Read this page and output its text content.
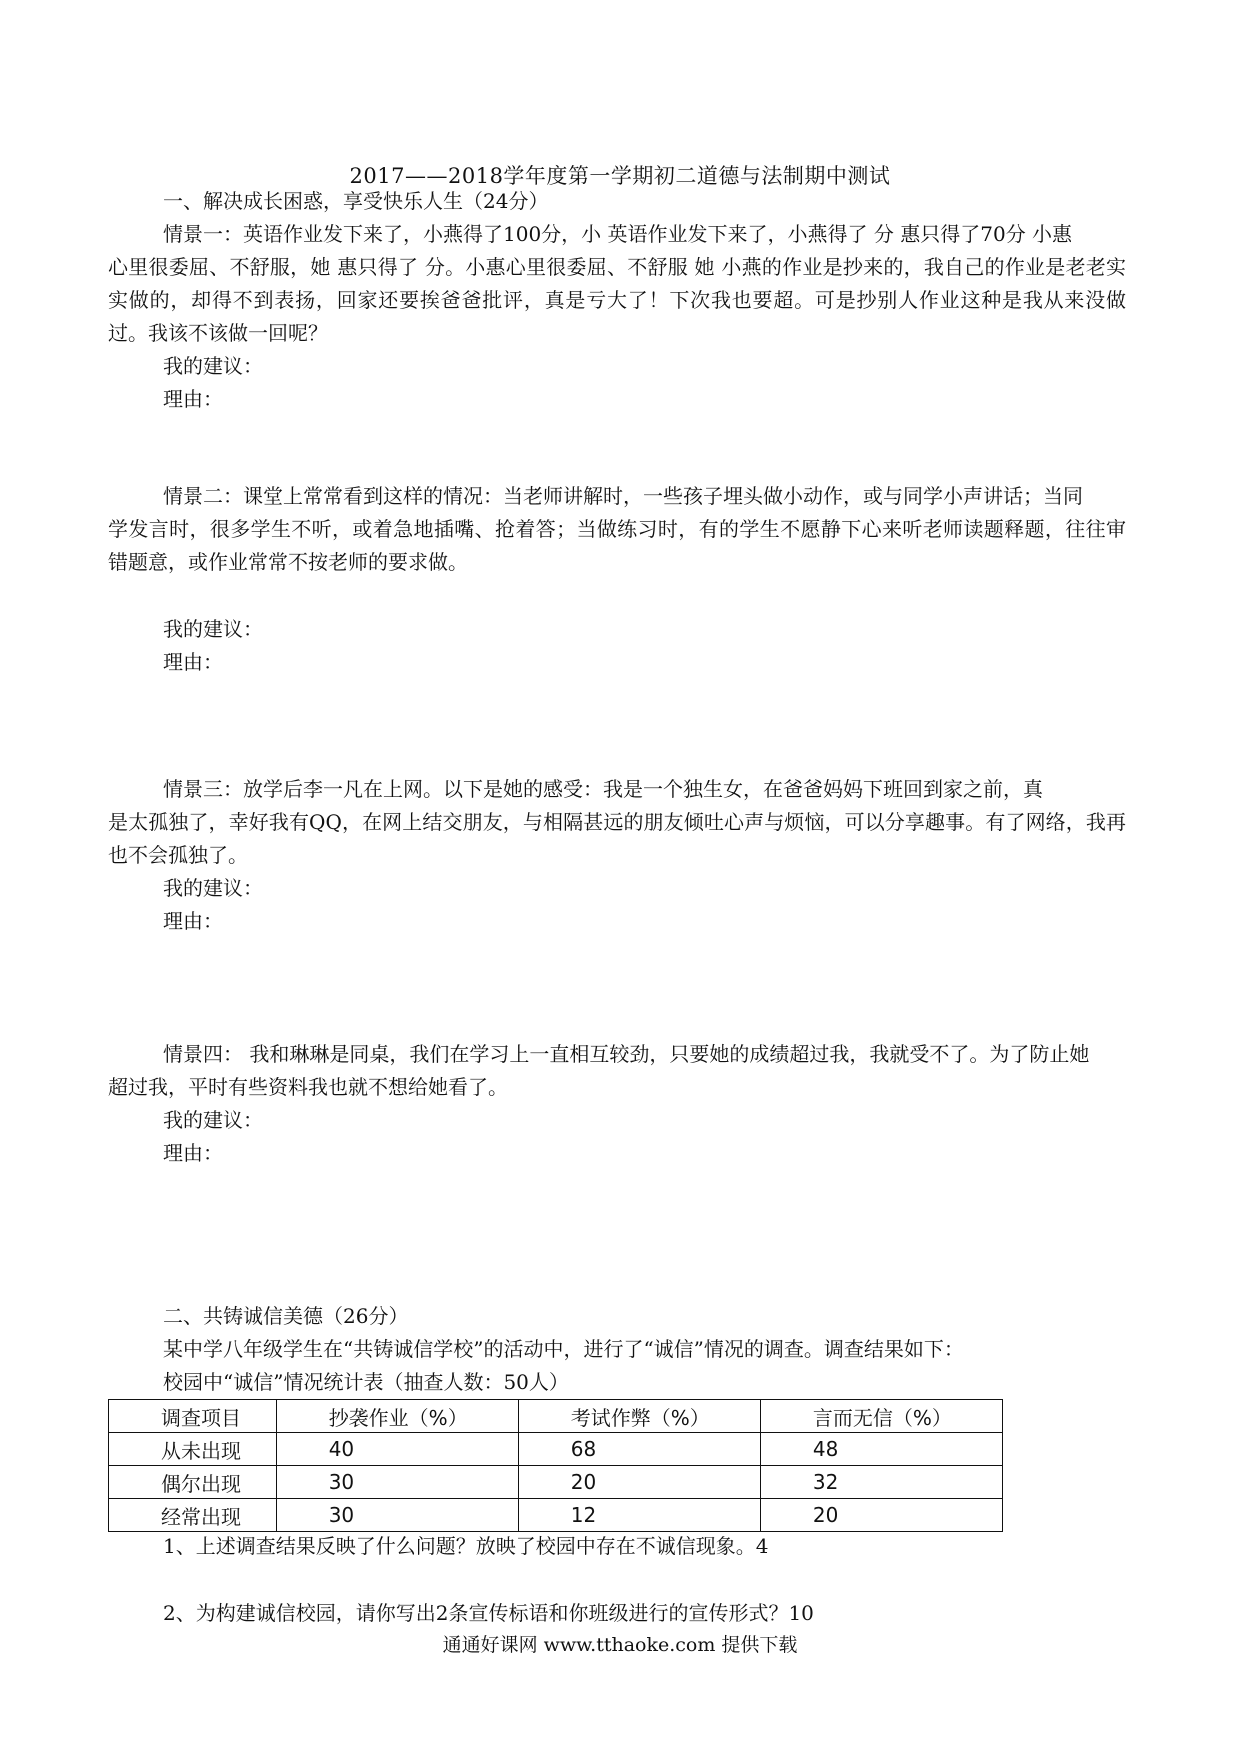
2017——2018学年度第一学期初二道德与法制期中测试
一、解决成长困惑，享受快乐人生（24分）
情景一：英语作业发下来了，小燕得了100分，小 英语作业发下来了，小燕得了 分 惠只得了70分 小惠
心里很委屈、不舒服，她 惠只得了 分。小惠心里很委屈、不舒服 她 小燕的作业是抄来的，我自己的作业是老老实实做的，却得不到表扬，回家还要挨爸爸批评，真是亏大了！下次我也要超。可是抄别人作业这种是我从来没做过。我该不该做一回呢？
我的建议：
理由：
情景二：课堂上常常看到这样的情况：当老师讲解时，一些孩子埋头做小动作，或与同学小声讲话；当同
学发言时，很多学生不听，或着急地插嘴、抢着答；当做练习时，有的学生不愿静下心来听老师读题释题，往往审错题意，或作业常常不按老师的要求做。
我的建议：
理由：
情景三：放学后李一凡在上网。以下是她的感受：我是一个独生女，在爸爸妈妈下班回到家之前，真
是太孤独了，幸好我有QQ，在网上结交朋友，与相隔甚远的朋友倾吐心声与烦恼，可以分享趣事。有了网络，我再也不会孤独了。
我的建议：
理由：
情景四： 我和琳琳是同桌，我们在学习上一直相互较劲，只要她的成绩超过我，我就受不了。为了防止她
超过我，平时有些资料我也就不想给她看了。
我的建议：
理由：
二、共铸诚信美德（26分）
某中学八年级学生在“共铸诚信学校”的活动中，进行了“诚信”情况的调查。调查结果如下：
校园中“诚信”情况统计表（抽查人数：50人）
调查项目	抄袭作业（%）	考试作弊（%）	言而无信（%）
从未出现	40	68	48
偶尔出现	30	20	32
经常出现	30	12	20
1、上述调查结果反映了什么问题？放映了校园中存在不诚信现象。4
2、为构建诚信校园，请你写出2条宣传标语和你班级进行的宣传形式？10
通通好课网 www.tthaoke.com 提供下载
